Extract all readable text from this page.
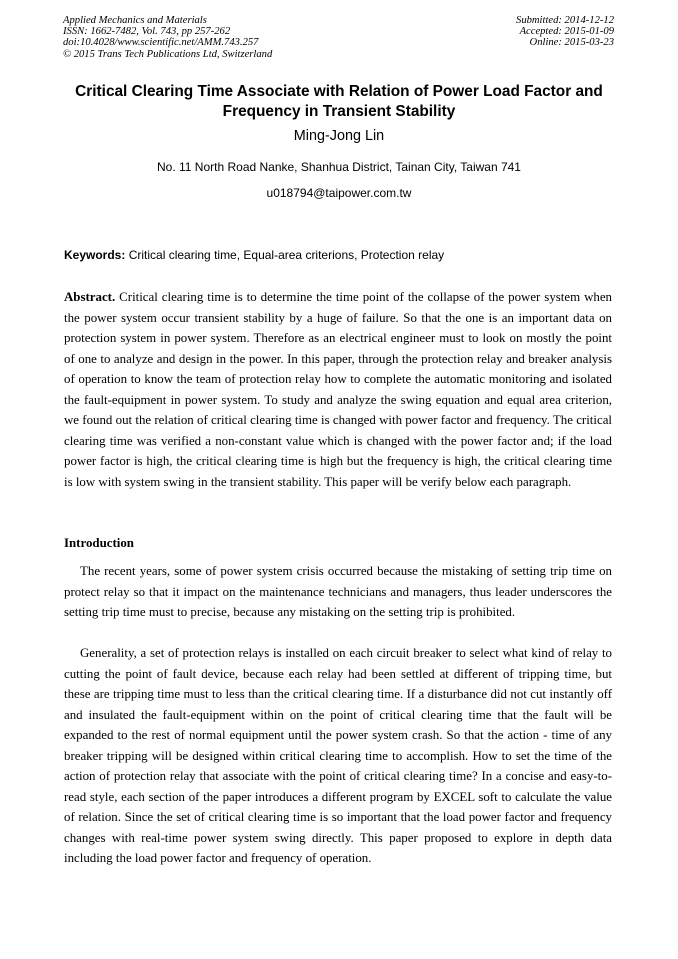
Applied Mechanics and Materials
ISSN: 1662-7482, Vol. 743, pp 257-262
doi:10.4028/www.scientific.net/AMM.743.257
© 2015 Trans Tech Publications Ltd, Switzerland
Submitted: 2014-12-12
Accepted: 2015-01-09
Online: 2015-03-23
Critical Clearing Time Associate with Relation of Power Load Factor and Frequency in Transient Stability
Ming-Jong Lin
No. 11 North Road Nanke, Shanhua District, Tainan City, Taiwan 741
u018794@taipower.com.tw
Keywords: Critical clearing time, Equal-area criterions, Protection relay
Abstract. Critical clearing time is to determine the time point of the collapse of the power system when the power system occur transient stability by a huge of failure. So that the one is an important data on protection system in power system. Therefore as an electrical engineer must to look on mostly the point of one to analyze and design in the power. In this paper, through the protection relay and breaker analysis of operation to know the team of protection relay how to complete the automatic monitoring and isolated the fault-equipment in power system. To study and analyze the swing equation and equal area criterion, we found out the relation of critical clearing time is changed with power factor and frequency. The critical clearing time was verified a non-constant value which is changed with the power factor and; if the load power factor is high, the critical clearing time is high but the frequency is high, the critical clearing time is low with system swing in the transient stability. This paper will be verify below each paragraph.
Introduction
The recent years, some of power system crisis occurred because the mistaking of setting trip time on protect relay so that it impact on the maintenance technicians and managers, thus leader underscores the setting trip time must to precise, because any mistaking on the setting trip is prohibited.
Generality, a set of protection relays is installed on each circuit breaker to select what kind of relay to cutting the point of fault device, because each relay had been settled at different of tripping time, but these are tripping time must to less than the critical clearing time. If a disturbance did not cut instantly off and insulated the fault-equipment within on the point of critical clearing time that the fault will be expanded to the rest of normal equipment until the power system crash. So that the action - time of any breaker tripping will be designed within critical clearing time to accomplish. How to set the time of the action of protection relay that associate with the point of critical clearing time? In a concise and easy-to-read style, each section of the paper introduces a different program by EXCEL soft to calculate the value of relation. Since the set of critical clearing time is so important that the load power factor and frequency changes with real-time power system swing directly. This paper proposed to explore in depth data including the load power factor and frequency of operation.
